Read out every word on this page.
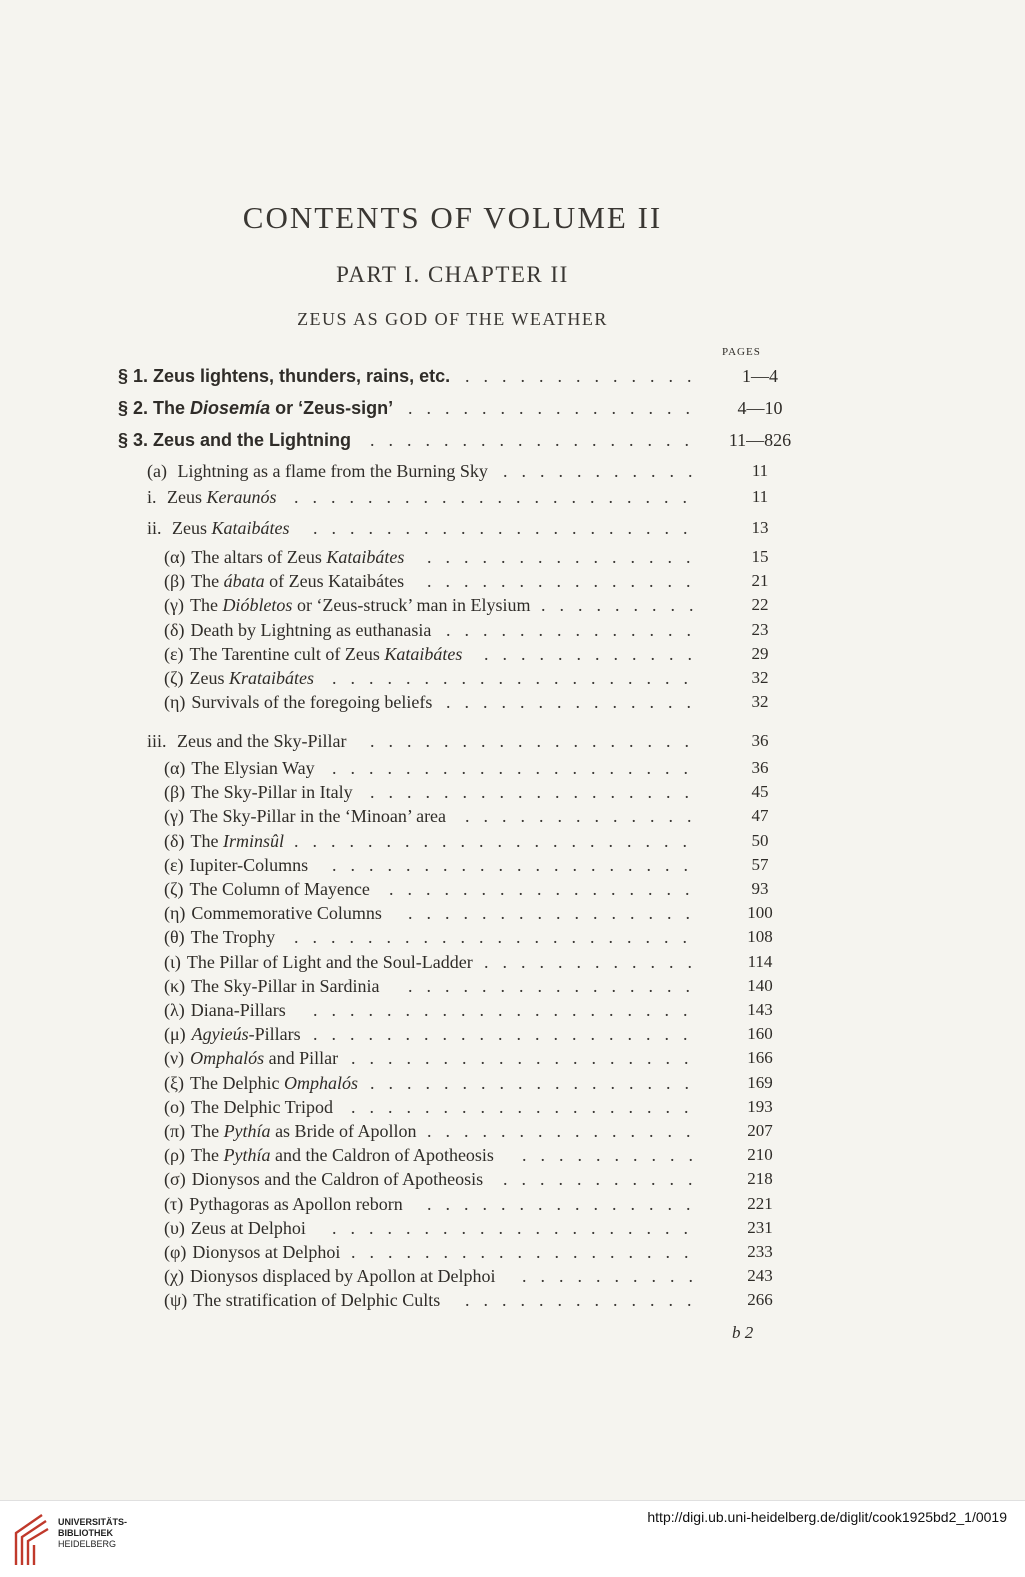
CONTENTS OF VOLUME II
PART I. CHAPTER II
ZEUS AS GOD OF THE WEATHER
PAGES
§ 1. Zeus lightens, thunders, rains, etc. .............	1—4
§ 2. The Diosemía or ‘Zeus-sign’ ................	4—10
§ 3. Zeus and the Lightning ..................	11—826
(a) Lightning as a flame from the Burning Sky ...........	11
i. Zeus Keraunós ......................	11
ii. Zeus Kataibátes .....................	13
(α) The altars of Zeus Kataibátes ...............	15
(β) The ábata of Zeus Kataibátes ...............	21
(γ) The Dióbletos or ‘Zeus-struck’ man in Elysium .........	22
(δ) Death by Lightning as euthanasia ..............	23
(ε) The Tarentine cult of Zeus Kataibátes ............	29
(ζ) Zeus Krataibátes ....................	32
(η) Survivals of the foregoing beliefs ..............	32
iii. Zeus and the Sky-Pillar ..................	36
(α) The Elysian Way ....................	36
(β) The Sky-Pillar in Italy ..................	45
(γ) The Sky-Pillar in the ‘Minoan’ area .............	47
(δ) The Irminsûl ......................	50
(ε) Iupiter-Columns ....................	57
(ζ) The Column of Mayence .................	93
(η) Commemorative Columns ................	100
(θ) The Trophy ......................	108
(ι) The Pillar of Light and the Soul-Ladder ............	114
(κ) The Sky-Pillar in Sardinia ................	140
(λ) Diana-Pillars .....................	143
(μ) Agyieús-Pillars .....................	160
(ν) Omphalós and Pillar ...................	166
(ξ) The Delphic Omphalós ..................	169
(ο) The Delphic Tripod ...................	193
(π) The Pythía as Bride of Apollon ...............	207
(ρ) The Pythía and the Caldron of Apotheosis ..........	210
(σ) Dionysos and the Caldron of Apotheosis ...........	218
(τ) Pythagoras as Apollon reborn ...............	221
(υ) Zeus at Delphoi ....................	231
(φ) Dionysos at Delphoi ...................	233
(χ) Dionysos displaced by Apollon at Delphoi ..........	243
(ψ) The stratification of Delphic Cults .............	266
b 2
UNIVERSITÄTS-
BIBLIOTHEK
HEIDELBERG
http://digi.ub.uni-heidelberg.de/diglit/cook1925bd2_1/0019
